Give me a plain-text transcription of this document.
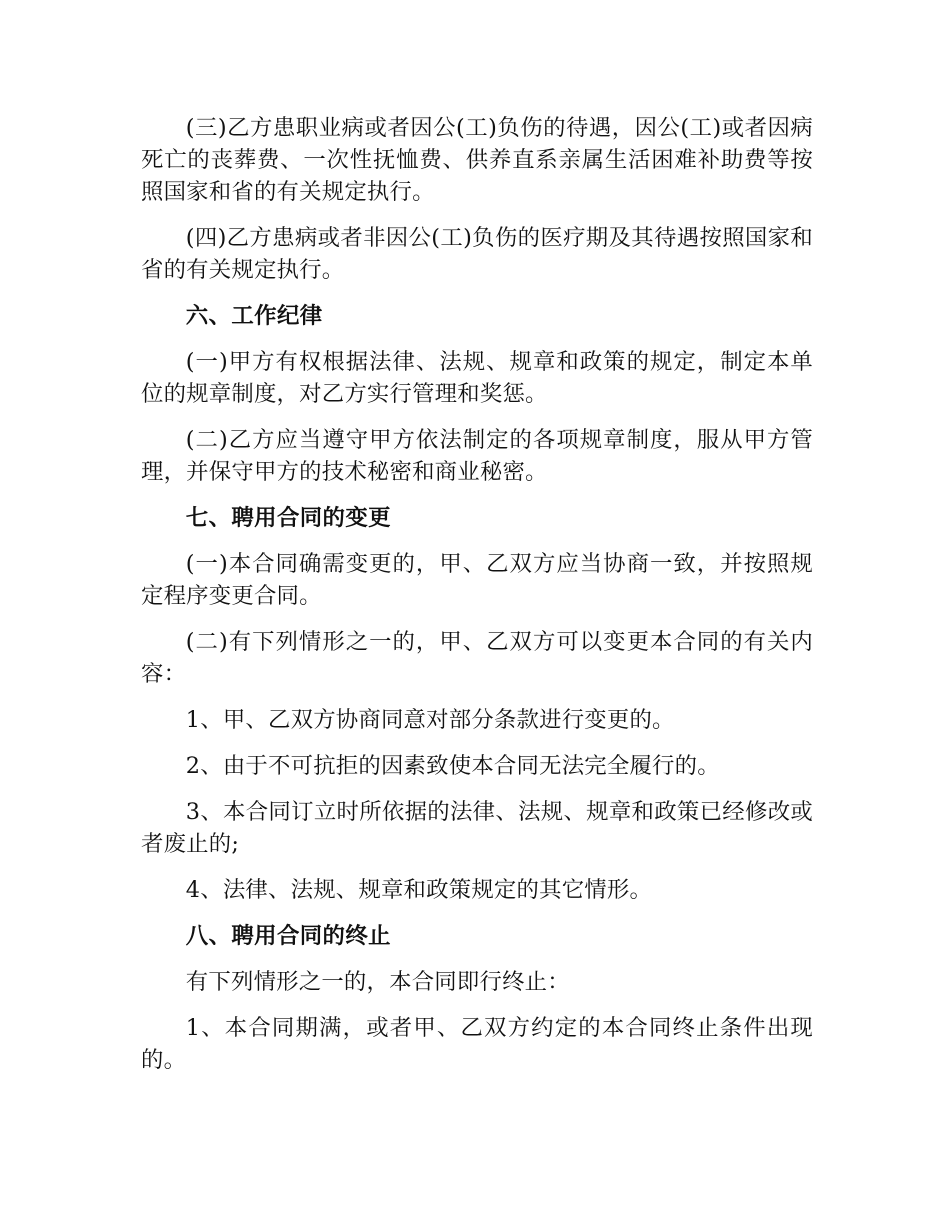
(三)乙方患职业病或者因公(工)负伤的待遇，因公(工)或者因病死亡的丧葬费、一次性抚恤费、供养直系亲属生活困难补助费等按照国家和省的有关规定执行。

(四)乙方患病或者非因公(工)负伤的医疗期及其待遇按照国家和省的有关规定执行。

六、工作纪律

(一)甲方有权根据法律、法规、规章和政策的规定，制定本单位的规章制度，对乙方实行管理和奖惩。

(二)乙方应当遵守甲方依法制定的各项规章制度，服从甲方管理，并保守甲方的技术秘密和商业秘密。

七、聘用合同的变更

(一)本合同确需变更的，甲、乙双方应当协商一致，并按照规定程序变更合同。

(二)有下列情形之一的，甲、乙双方可以变更本合同的有关内容：

1、甲、乙双方协商同意对部分条款进行变更的。

2、由于不可抗拒的因素致使本合同无法完全履行的。

3、本合同订立时所依据的法律、法规、规章和政策已经修改或者废止的;

4、法律、法规、规章和政策规定的其它情形。

八、聘用合同的终止

有下列情形之一的，本合同即行终止：

1、本合同期满，或者甲、乙双方约定的本合同终止条件出现的。
